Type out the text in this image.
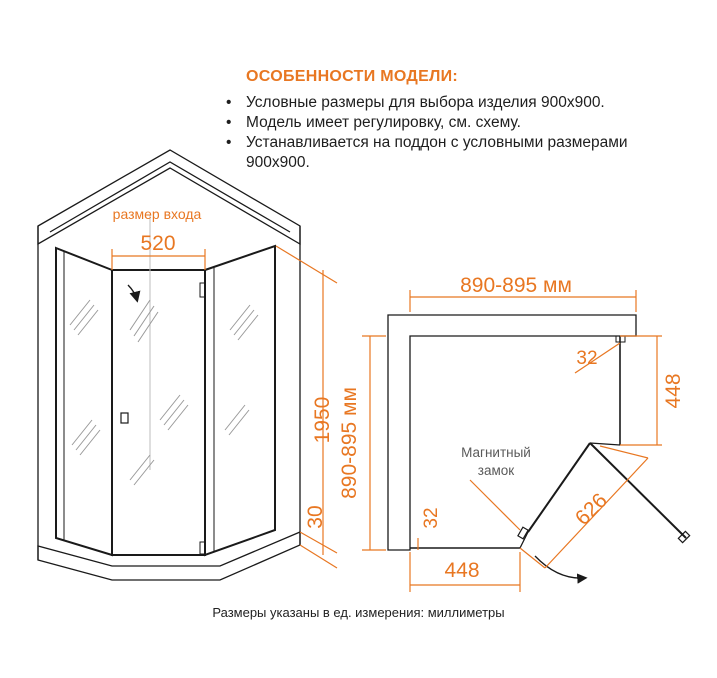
ОСОБЕННОСТИ МОДЕЛИ:
• Условные размеры для выбора изделия 900х900.
• Модель имеет регулировку, см. схему.
• Устанавливается на поддон с условными размерами 900х900.
размер входа
520
1950
30
890-895 мм
890-895 мм
32
448
448
32	626
Магнитный
замок
Размеры указаны в ед. измерения: миллиметры
